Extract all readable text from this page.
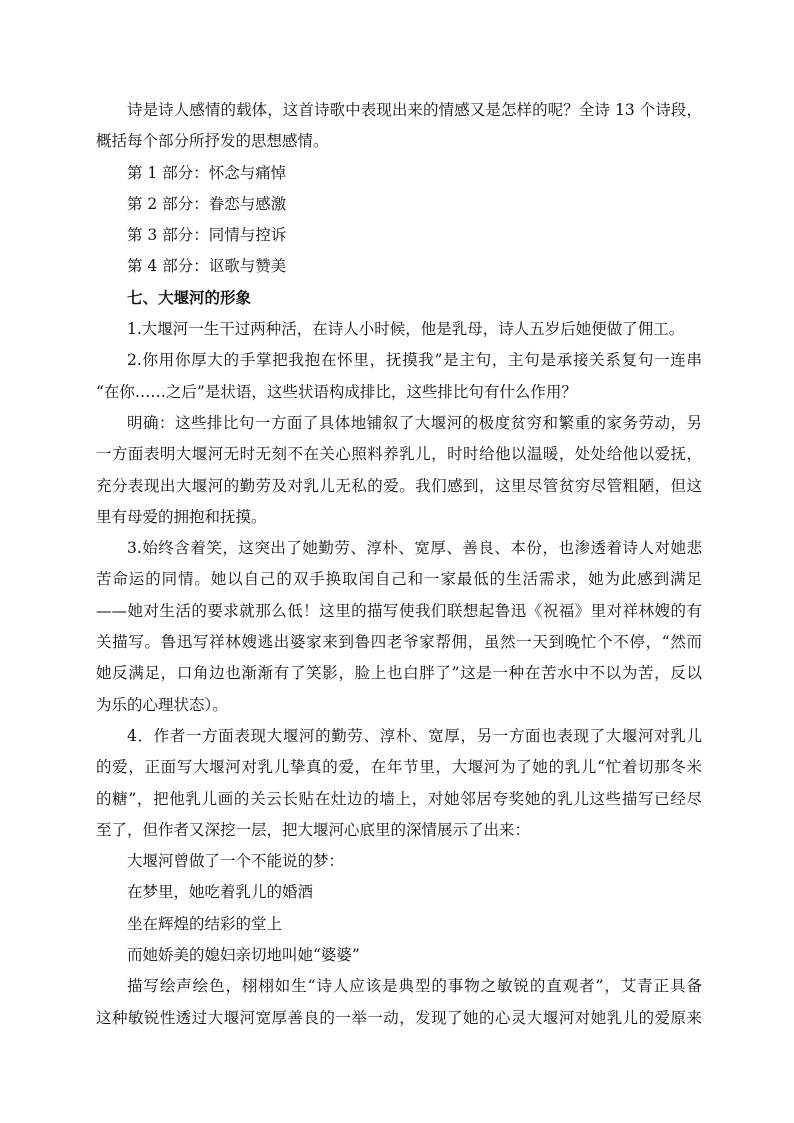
诗是诗人感情的载体，这首诗歌中表现出来的情感又是怎样的呢？全诗 13 个诗段，
概括每个部分所抒发的思想感情。
第 1 部分：怀念与痛悼
第 2 部分：眷恋与感激
第 3 部分：同情与控诉
第 4 部分：讴歌与赞美
七、大堰河的形象
1.大堰河一生干过两种活，在诗人小时候，他是乳母，诗人五岁后她便做了佣工。
2.你用你厚大的手掌把我抱在怀里，抚摸我”是主句，主句是承接关系复句一连串
“在你……之后”是状语，这些状语构成排比，这些排比句有什么作用？
明确：这些排比句一方面了具体地铺叙了大堰河的极度贫穷和繁重的家务劳动，另
一方面表明大堰河无时无刻不在关心照料养乳儿，时时给他以温暖，处处给他以爱抚，
充分表现出大堰河的勤劳及对乳儿无私的爱。我们感到，这里尽管贫穷尽管粗陋，但这
里有母爱的拥抱和抚摸。
3.始终含着笑，这突出了她勤劳、淳朴、宽厚、善良、本份，也渗透着诗人对她悲
苦命运的同情。她以自己的双手换取闰自己和一家最低的生活需求，她为此感到满足
——她对生活的要求就那么低！这里的描写使我们联想起鲁迅《祝福》里对祥林嫂的有
关描写。鲁迅写祥林嫂逃出婆家来到鲁四老爷家帮佣，虽然一天到晚忙个不停，“然而
她反满足，口角边也渐渐有了笑影，脸上也白胖了”这是一种在苦水中不以为苦，反以
为乐的心理状态）。
4．作者一方面表现大堰河的勤劳、淳朴、宽厚，另一方面也表现了大堰河对乳儿
的爱，正面写大堰河对乳儿挚真的爱，在年节里，大堰河为了她的乳儿“忙着切那冬米
的糖”，把他乳儿画的关云长贴在灶边的墙上，对她邻居夸奖她的乳儿这些描写已经尽
至了，但作者又深挖一层，把大堰河心底里的深情展示了出来：
大堰河曾做了一个不能说的梦：
在梦里，她吃着乳儿的婚酒
坐在辉煌的结彩的堂上
而她娇美的媳妇亲切地叫她“婆婆”
描写绘声绘色，栩栩如生“诗人应该是典型的事物之敏锐的直观者”，艾青正具备
这种敏锐性透过大堰河宽厚善良的一举一动，发现了她的心灵大堰河对她乳儿的爱原来
